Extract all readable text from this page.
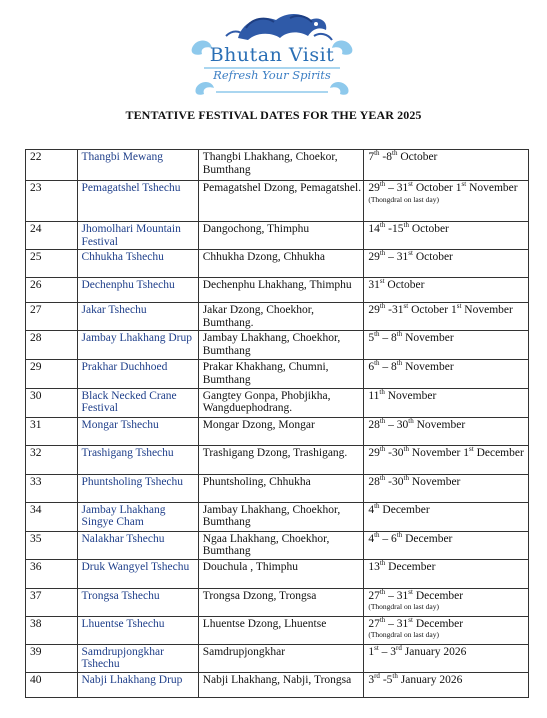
Bhutan Visit
Refresh Your Spirits
TENTATIVE FESTIVAL DATES FOR THE YEAR 2025
22	Thangbi Mewang	Thangbi Lhakhang, Choekor, Bumthang	7th -8th October
23	Pemagatshel Tshechu	Pemagatshel Dzong, Pemagatshel.	29th – 31st October 1st November
(Thongdral on last day)

24	Jhomolhari Mountain Festival	Dangochong, Thimphu	14th -15th October
25	Chhukha Tshechu	Chhukha Dzong, Chhukha	29th – 31st October
26	Dechenphu Tshechu	Dechenphu Lhakhang, Thimphu	31st October
27	Jakar Tshechu	Jakar Dzong, Choekhor, Bumthang.	29th -31st October 1st November
28	Jambay Lhakhang Drup	Jambay Lhakhang, Choekhor, Bumthang	5th – 8th November
29	Prakhar Duchhoed	Prakar Khakhang, Chumni, Bumthang	6th – 8th November
30	Black Necked Crane Festival	Gangtey Gonpa, Phobjikha, Wangduephodrang.	11th November
31	Mongar Tshechu	Mongar Dzong, Mongar	28th – 30th November
32	Trashigang Tshechu	Trashigang Dzong, Trashigang.	29th -30th November 1st December
33	Phuntsholing Tshechu	Phuntsholing, Chhukha	28th -30th November
34	Jambay Lhakhang Singye Cham	Jambay Lhakhang, Choekhor, Bumthang	4th December
35	Nalakhar Tshechu	Ngaa Lhakhang, Choekhor, Bumthang	4th – 6th December
36	Druk Wangyel Tshechu	Douchula , Thimphu	13th December
37	Trongsa Tshechu	Trongsa Dzong, Trongsa	27th – 31st December
(Thongdral on last day)

38	Lhuentse Tshechu	Lhuentse Dzong, Lhuentse	27th – 31st December
(Thongdral on last day)

39	Samdrupjongkhar Tshechu	Samdrupjongkhar	1st – 3rd January 2026
40	Nabji Lhakhang Drup	Nabji Lhakhang, Nabji, Trongsa	3rd -5th January 2026
